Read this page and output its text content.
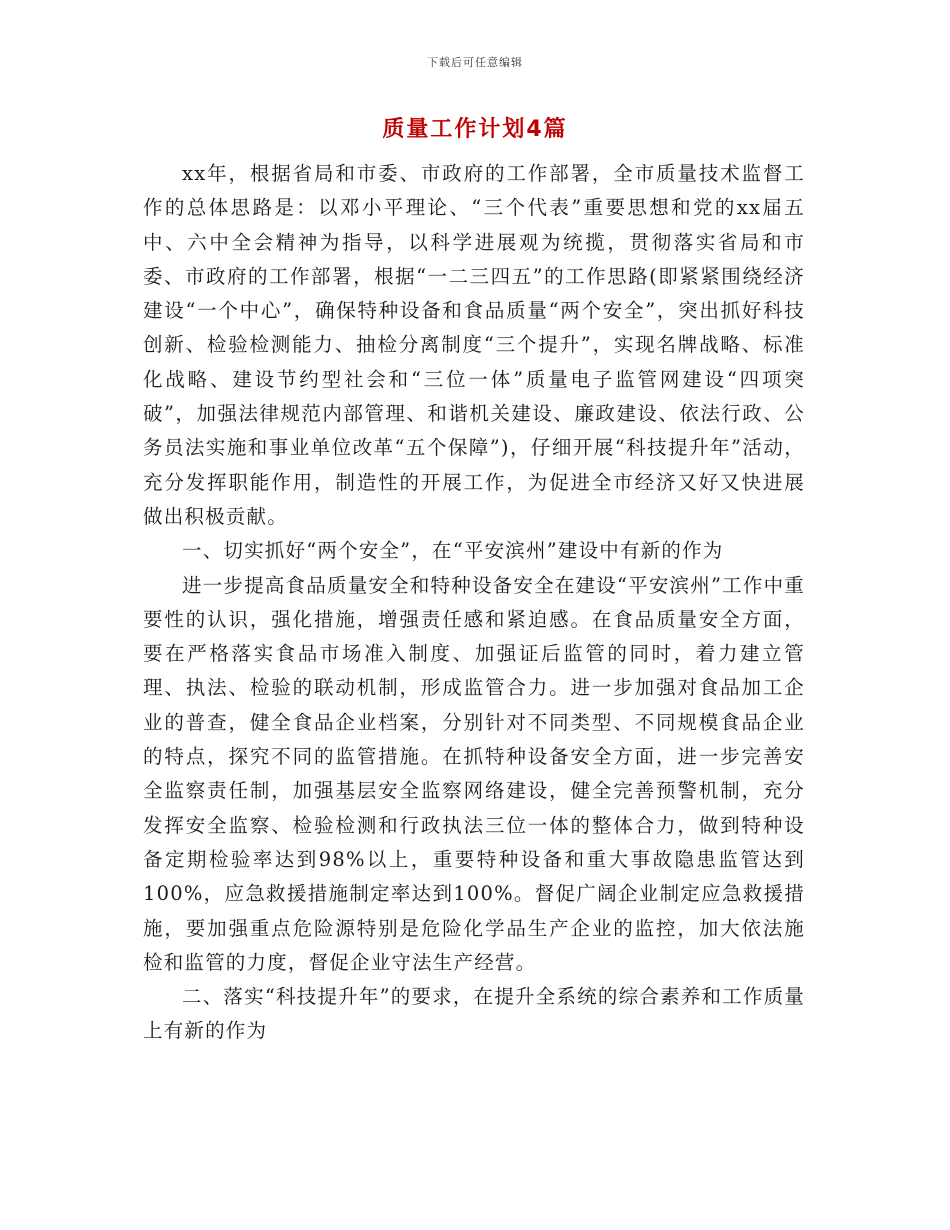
下载后可任意编辑
质量工作计划4篇

xx年，根据省局和市委、市政府的工作部署，全市质量技术监督工作的总体思路是：以邓小平理论、“三个代表”重要思想和党的xx届五中、六中全会精神为指导，以科学进展观为统揽，贯彻落实省局和市委、市政府的工作部署，根据“一二三四五”的工作思路(即紧紧围绕经济建设“一个中心”，确保特种设备和食品质量“两个安全”，突出抓好科技创新、检验检测能力、抽检分离制度“三个提升”，实现名牌战略、标准化战略、建设节约型社会和“三位一体”质量电子监管网建设“四项突破”，加强法律规范内部管理、和谐机关建设、廉政建设、依法行政、公务员法实施和事业单位改革“五个保障”)，仔细开展“科技提升年”活动，充分发挥职能作用，制造性的开展工作，为促进全市经济又好又快进展做出积极贡献。

一、切实抓好“两个安全”，在“平安滨州”建设中有新的作为

进一步提高食品质量安全和特种设备安全在建设“平安滨州”工作中重要性的认识，强化措施，增强责任感和紧迫感。在食品质量安全方面，要在严格落实食品市场准入制度、加强证后监管的同时，着力建立管理、执法、检验的联动机制，形成监管合力。进一步加强对食品加工企业的普查，健全食品企业档案，分别针对不同类型、不同规模食品企业的特点，探究不同的监管措施。在抓特种设备安全方面，进一步完善安全监察责任制，加强基层安全监察网络建设，健全完善预警机制，充分发挥安全监察、检验检测和行政执法三位一体的整体合力，做到特种设备定期检验率达到98%以上，重要特种设备和重大事故隐患监管达到100%，应急救援措施制定率达到100%。督促广阔企业制定应急救援措施，要加强重点危险源特别是危险化学品生产企业的监控，加大依法施检和监管的力度，督促企业守法生产经营。

二、落实“科技提升年”的要求，在提升全系统的综合素养和工作质量上有新的作为
